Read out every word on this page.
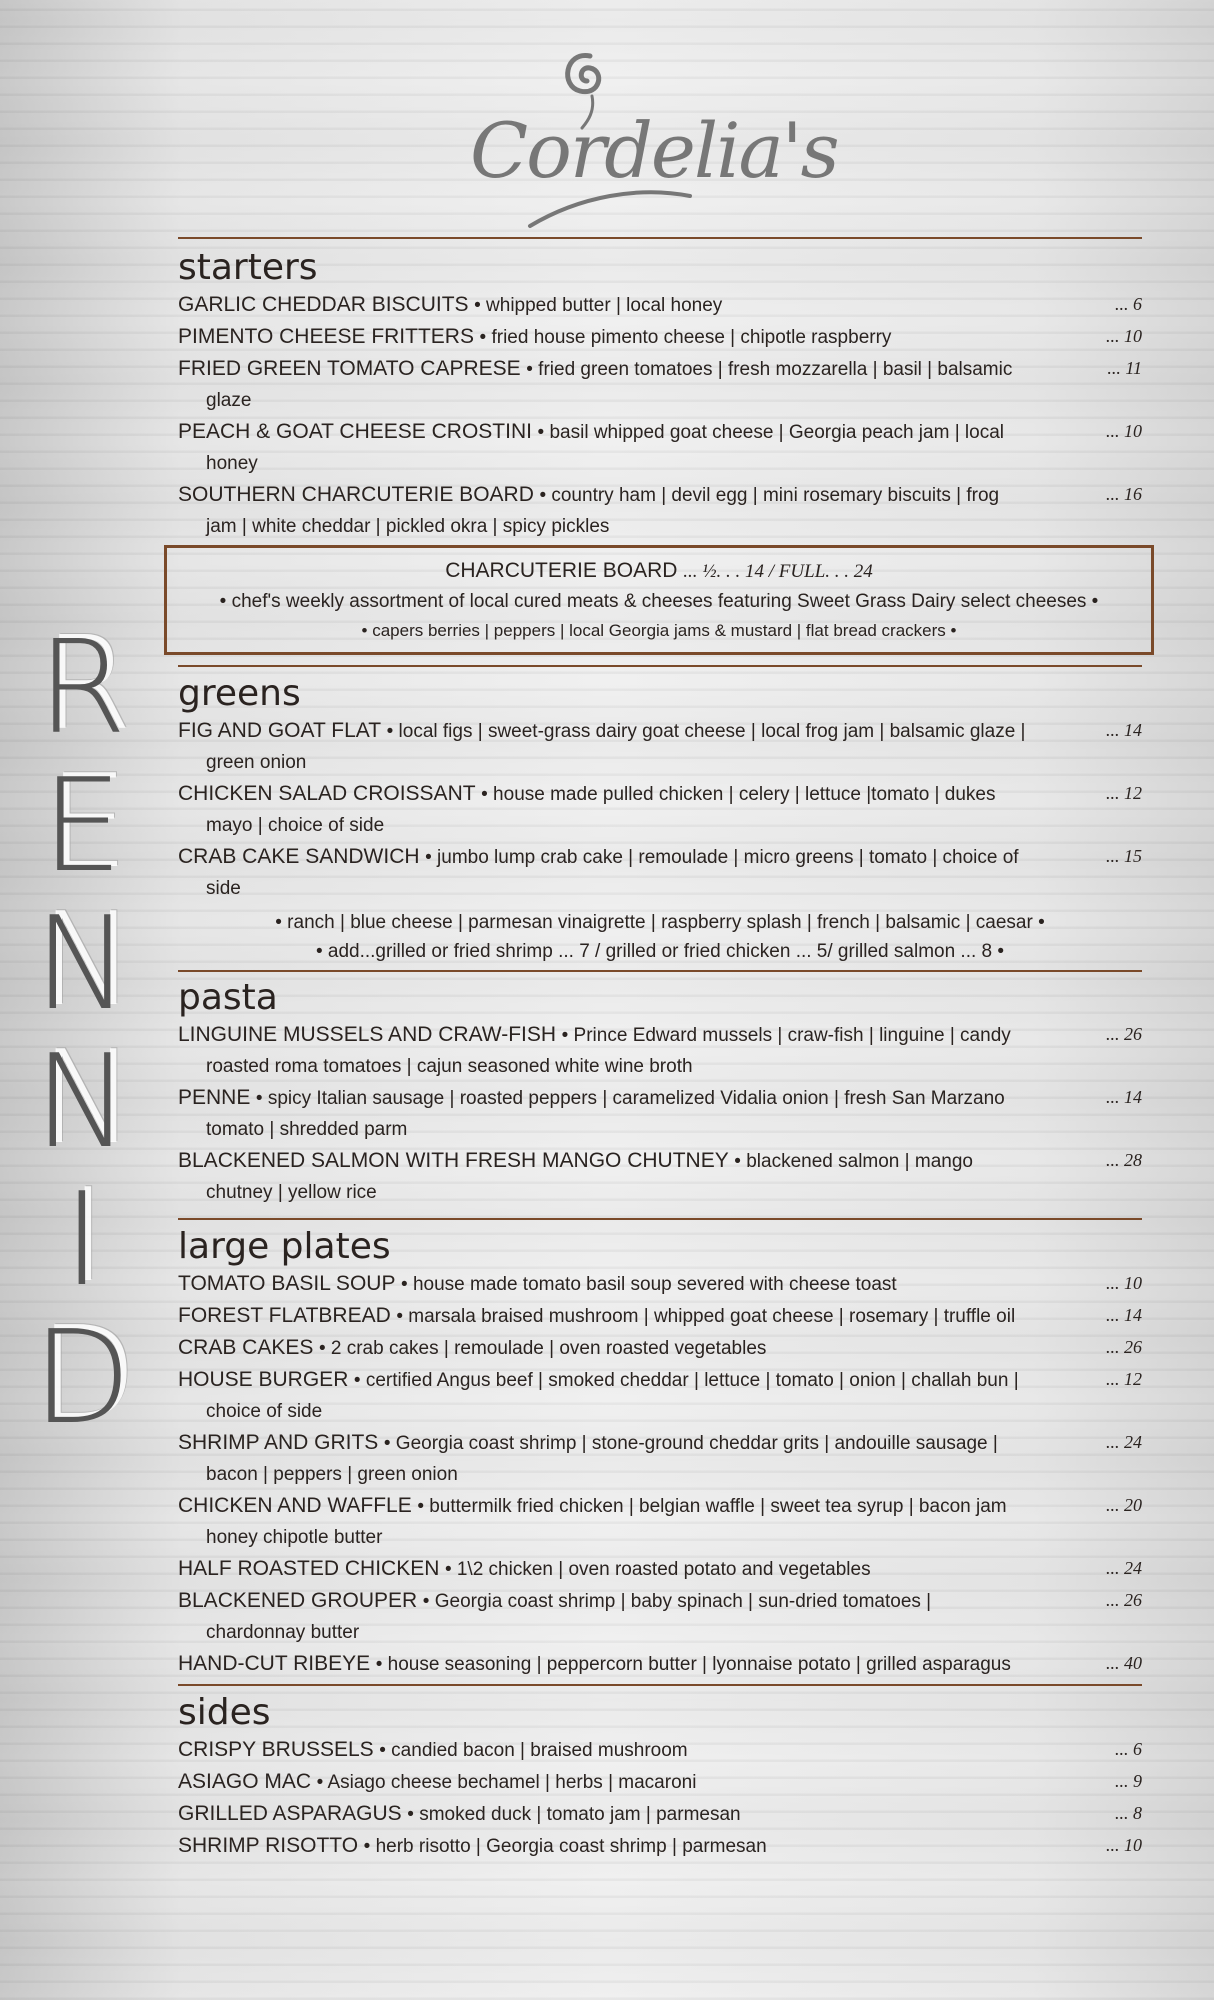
Cordelia's
R
E
N
N
I
D
starters
GARLIC CHEDDAR BISCUITS • whipped butter | local honey	... 6
PIMENTO CHEESE FRITTERS • fried house pimento cheese | chipotle raspberry	... 10
FRIED GREEN TOMATO CAPRESE • fried green tomatoes | fresh mozzarella | basil | balsamic
glaze
... 11
PEACH & GOAT CHEESE CROSTINI • basil whipped goat cheese | Georgia peach jam | local
honey
... 10
SOUTHERN CHARCUTERIE BOARD • country ham | devil egg | mini rosemary biscuits | frog
jam | white cheddar | pickled okra | spicy pickles
... 16
CHARCUTERIE BOARD ... ½. . . 14 / FULL. . . 24
• chef's weekly assortment of local cured meats & cheeses featuring Sweet Grass Dairy select cheeses •
• capers berries | peppers | local Georgia jams & mustard | flat bread crackers •
greens
FIG AND GOAT FLAT • local figs | sweet-grass dairy goat cheese | local frog jam | balsamic glaze |
green onion
... 14
CHICKEN SALAD CROISSANT • house made pulled chicken | celery | lettuce |tomato | dukes
mayo | choice of side
... 12
CRAB CAKE SANDWICH • jumbo lump crab cake | remoulade | micro greens | tomato | choice of
side
... 15
• ranch | blue cheese | parmesan vinaigrette | raspberry splash | french | balsamic | caesar •
• add...grilled or fried shrimp ... 7 / grilled or fried chicken ... 5/ grilled salmon ... 8 •
pasta
LINGUINE MUSSELS AND CRAW-FISH • Prince Edward mussels | craw-fish | linguine | candy
roasted roma tomatoes | cajun seasoned white wine broth
... 26
PENNE • spicy Italian sausage | roasted peppers | caramelized Vidalia onion | fresh San Marzano
tomato | shredded parm
... 14
BLACKENED SALMON WITH FRESH MANGO CHUTNEY • blackened salmon | mango
chutney | yellow rice
... 28
large plates
TOMATO BASIL SOUP • house made tomato basil soup severed with cheese toast	... 10
FOREST FLATBREAD • marsala braised mushroom | whipped goat cheese | rosemary | truffle oil	... 14
CRAB CAKES • 2 crab cakes | remoulade | oven roasted vegetables	... 26
HOUSE BURGER • certified Angus beef | smoked cheddar | lettuce | tomato | onion | challah bun |
choice of side
... 12
SHRIMP AND GRITS • Georgia coast shrimp | stone-ground cheddar grits | andouille sausage |
bacon | peppers | green onion
... 24
CHICKEN AND WAFFLE • buttermilk fried chicken | belgian waffle | sweet tea syrup | bacon jam
honey chipotle butter
... 20
HALF ROASTED CHICKEN • 1\2 chicken | oven roasted potato and vegetables	... 24
BLACKENED GROUPER • Georgia coast shrimp | baby spinach | sun-dried tomatoes |
chardonnay butter
... 26
HAND-CUT RIBEYE • house seasoning | peppercorn butter | lyonnaise potato | grilled asparagus	... 40
sides
CRISPY BRUSSELS • candied bacon | braised mushroom	... 6
ASIAGO MAC • Asiago cheese bechamel | herbs | macaroni	... 9
GRILLED ASPARAGUS • smoked duck | tomato jam | parmesan	... 8
SHRIMP RISOTTO • herb risotto | Georgia coast shrimp | parmesan	... 10
